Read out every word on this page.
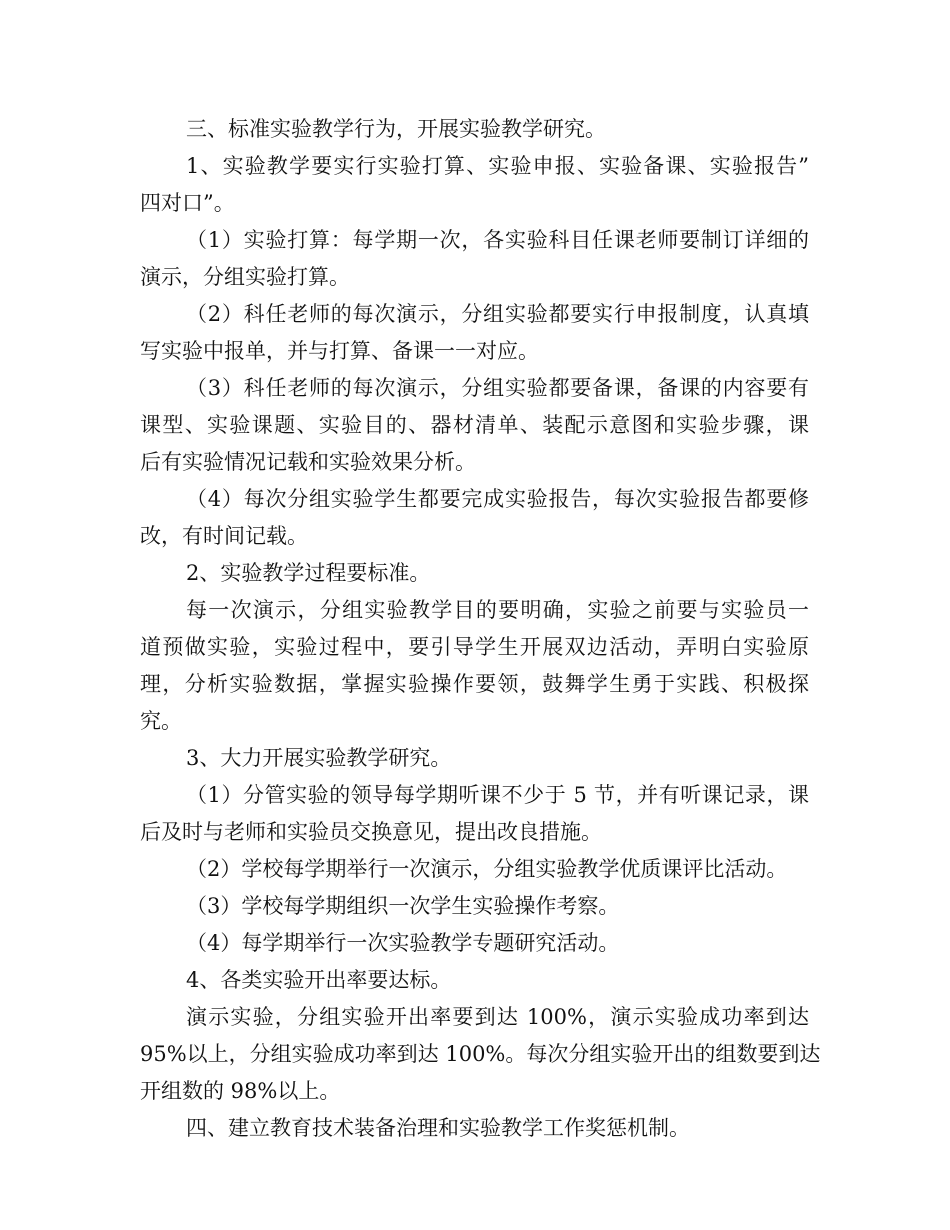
三、标准实验教学行为，开展实验教学研究。
1、实验教学要实行实验打算、实验申报、实验备课、实验报告”
四对口”。
（1）实验打算：每学期一次，各实验科目任课老师要制订详细的
演示，分组实验打算。
（2）科任老师的每次演示，分组实验都要实行申报制度，认真填
写实验中报单，并与打算、备课一一对应。
（3）科任老师的每次演示，分组实验都要备课，备课的内容要有
课型、实验课题、实验目的、器材清单、装配示意图和实验步骤，课
后有实验情况记载和实验效果分析。
（4）每次分组实验学生都要完成实验报告，每次实验报告都要修
改，有时间记载。
2、实验教学过程要标准。
每一次演示，分组实验教学目的要明确，实验之前要与实验员一
道预做实验，实验过程中，要引导学生开展双边活动，弄明白实验原
理，分析实验数据，掌握实验操作要领，鼓舞学生勇于实践、积极探
究。
3、大力开展实验教学研究。
（1）分管实验的领导每学期听课不少于 5 节，并有听课记录，课
后及时与老师和实验员交换意见，提出改良措施。
（2）学校每学期举行一次演示，分组实验教学优质课评比活动。
（3）学校每学期组织一次学生实验操作考察。
（4）每学期举行一次实验教学专题研究活动。
4、各类实验开出率要达标。
演示实验，分组实验开出率要到达 100%，演示实验成功率到达
95%以上，分组实验成功率到达 100%。每次分组实验开出的组数要到达
开组数的 98%以上。
四、建立教育技术装备治理和实验教学工作奖惩机制。
